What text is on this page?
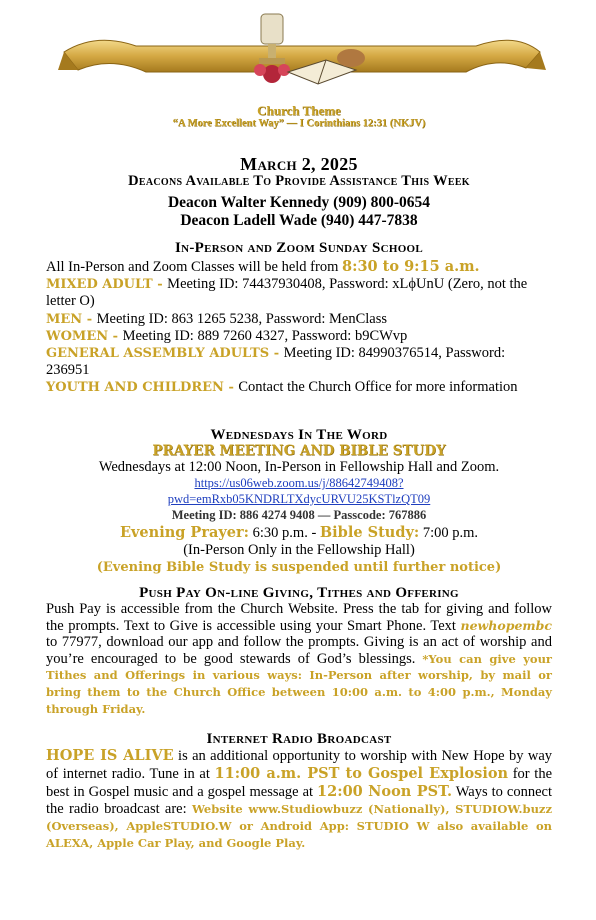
Church Theme
“A More Excellent Way” — I Corinthians 12:31 (NKJV)
March 2, 2025
Deacons Available To Provide Assistance This Week
Deacon Walter Kennedy (909) 800-0654
Deacon Ladell Wade (940) 447-7838
In-Person and Zoom Sunday School
All In-Person and Zoom Classes will be held from 8:30 to 9:15 a.m.
MIXED ADULT - Meeting ID: 74437930408, Password: xLϕUnU (Zero, not the letter O)
MEN - Meeting ID: 863 1265 5238, Password: MenClass
WOMEN - Meeting ID: 889 7260 4327, Password: b9CWvp
GENERAL ASSEMBLY ADULTS - Meeting ID: 84990376514, Password: 236951
YOUTH AND CHILDREN - Contact the Church Office for more information
Wednesdays In The Word
PRAYER MEETING AND BIBLE STUDY
Wednesdays at 12:00 Noon, In-Person in Fellowship Hall and Zoom.
https://us06web.zoom.us/j/88642749408?
pwd=emRxb05KNDRLTXdycURVU25KSTlzQT09
Meeting ID: 886 4274 9408 — Passcode: 767886
Evening Prayer: 6:30 p.m. - Bible Study: 7:00 p.m.
(In-Person Only in the Fellowship Hall)
(Evening Bible Study is suspended until further notice)
Push Pay On-line Giving, Tithes and Offering
Push Pay is accessible from the Church Website. Press the tab for giving and follow the prompts. Text to Give is accessible using your Smart Phone. Text newhopembc to 77977, download our app and follow the prompts. Giving is an act of worship and you’re encouraged to be good stewards of God’s blessings. *You can give your Tithes and Offerings in various ways: In-Person after worship, by mail or bring them to the Church Office between 10:00 a.m. to 4:00 p.m., Monday through Friday.
Internet Radio Broadcast
HOPE IS ALIVE is an additional opportunity to worship with New Hope by way of internet radio. Tune in at 11:00 a.m. PST to Gospel Explosion for the best in Gospel music and a gospel message at 12:00 Noon PST. Ways to connect the radio broadcast are: Website www.Studiowbuzz (Nationally), STUDIOW.buzz (Overseas), AppleSTUDIO.W or Android App: STUDIO W also available on ALEXA, Apple Car Play, and Google Play.
